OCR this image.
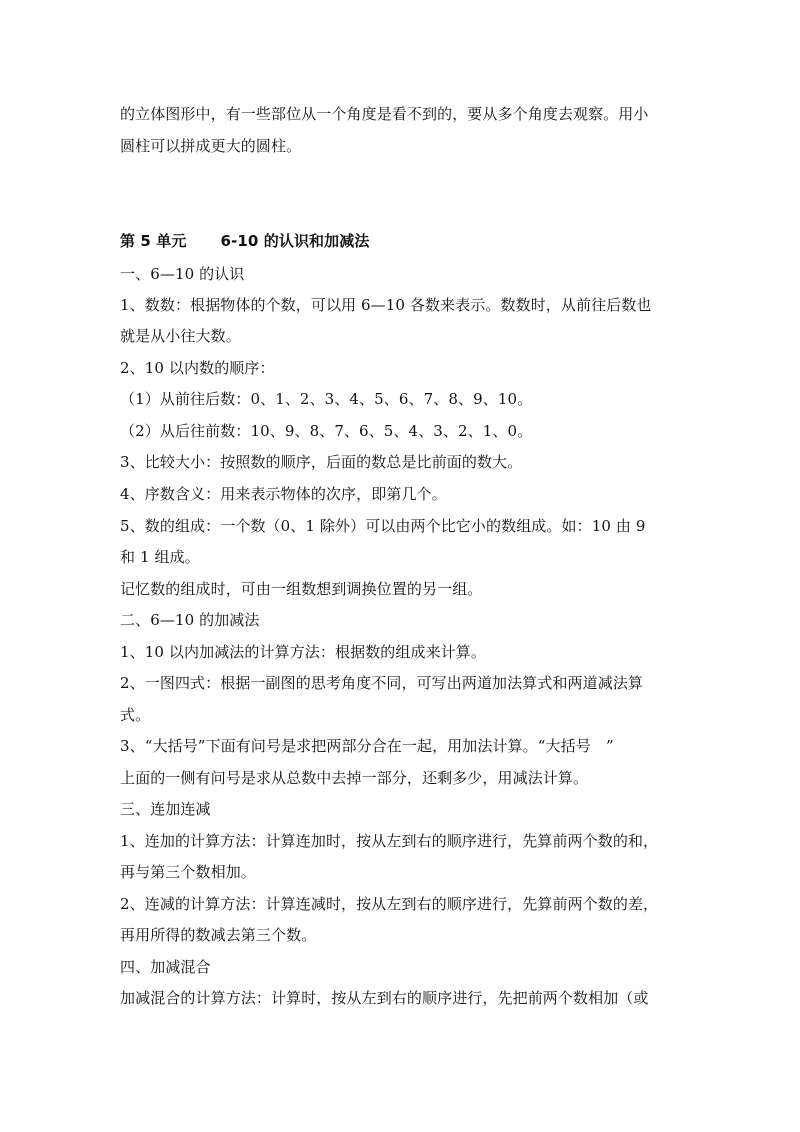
的立体图形中，有一些部位从一个角度是看不到的，要从多个角度去观察。用小
圆柱可以拼成更大的圆柱。
第 5 单元 6-10 的认识和加减法
一、6—10 的认识
1、数数：根据物体的个数，可以用 6—10 各数来表示。数数时，从前往后数也
就是从小往大数。
2、10 以内数的顺序：
（1）从前往后数：0、1、2、3、4、5、6、7、8、9、10。
（2）从后往前数：10、9、8、7、6、5、4、3、2、1、0。
3、比较大小：按照数的顺序，后面的数总是比前面的数大。
4、序数含义：用来表示物体的次序，即第几个。
5、数的组成：一个数（0、1 除外）可以由两个比它小的数组成。如：10 由 9
和 1 组成。
记忆数的组成时，可由一组数想到调换位置的另一组。
二、6—10 的加减法
1、10 以内加减法的计算方法：根据数的组成来计算。
2、一图四式：根据一副图的思考角度不同，可写出两道加法算式和两道减法算
式。
3、“大括号”下面有问号是求把两部分合在一起，用加法计算。“大括号　”
上面的一侧有问号是求从总数中去掉一部分，还剩多少，用减法计算。
三、连加连减
1、连加的计算方法：计算连加时，按从左到右的顺序进行，先算前两个数的和，
再与第三个数相加。
2、连减的计算方法：计算连减时，按从左到右的顺序进行，先算前两个数的差，
再用所得的数减去第三个数。
四、加减混合
加减混合的计算方法：计算时，按从左到右的顺序进行，先把前两个数相加（或
